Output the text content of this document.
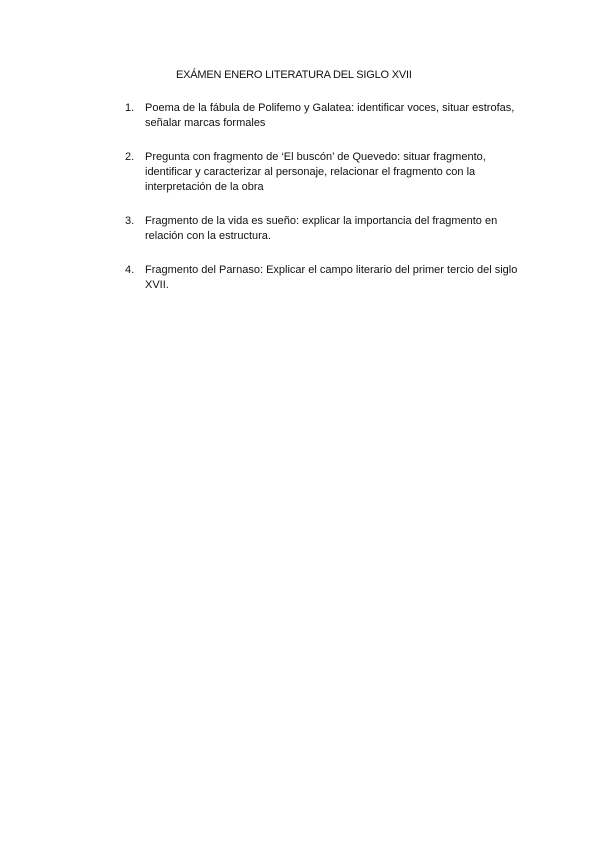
EXÁMEN ENERO LITERATURA DEL SIGLO XVII
1. Poema de la fábula de Polifemo y Galatea: identificar voces, situar estrofas, señalar marcas formales
2. Pregunta con fragmento de ‘El buscón’ de Quevedo: situar fragmento, identificar y caracterizar al personaje, relacionar el fragmento con la interpretación de la obra
3. Fragmento de la vida es sueño: explicar la importancia del fragmento en relación con la estructura.
4. Fragmento del Parnaso: Explicar el campo literario del primer tercio del siglo XVII.
